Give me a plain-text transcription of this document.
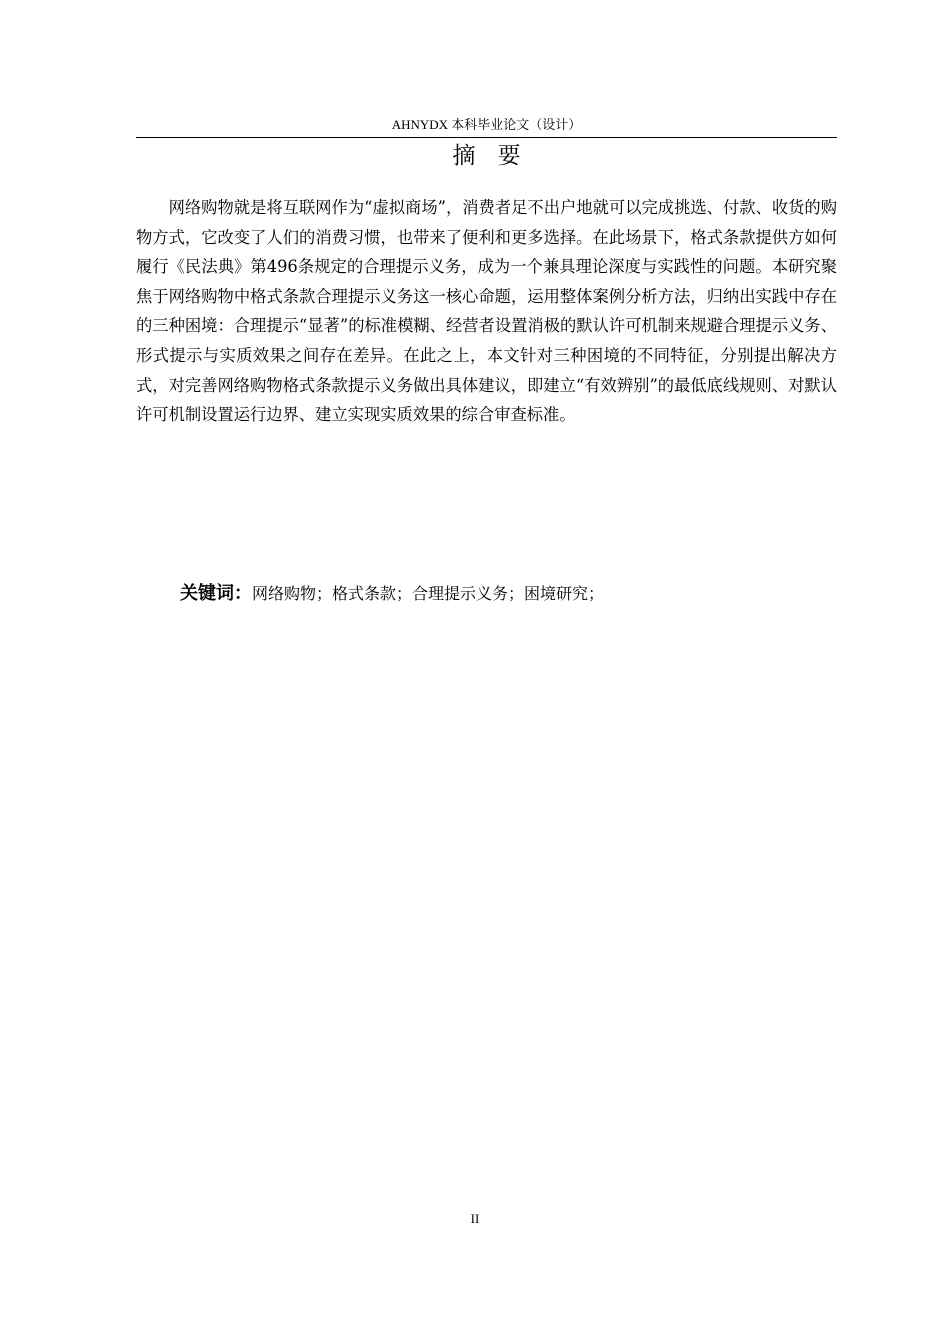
AHNYDX 本科毕业论文（设计）
摘要

网络购物就是将互联网作为“虚拟商场”，消费者足不出户地就可以完成挑选、付款、收货的购物方式，它改变了人们的消费习惯，也带来了便利和更多选择。在此场景下，格式条款提供方如何履行《民法典》第496条规定的合理提示义务，成为一个兼具理论深度与实践性的问题。本研究聚焦于网络购物中格式条款合理提示义务这一核心命题，运用整体案例分析方法，归纳出实践中存在的三种困境：合理提示“显著”的标准模糊、经营者设置消极的默认许可机制来规避合理提示义务、形式提示与实质效果之间存在差异。在此之上，本文针对三种困境的不同特征，分别提出解决方式，对完善网络购物格式条款提示义务做出具体建议，即建立“有效辨别”的最低底线规则、对默认许可机制设置运行边界、建立实现实质效果的综合审查标准。

关键词：网络购物；格式条款；合理提示义务；困境研究；
II
